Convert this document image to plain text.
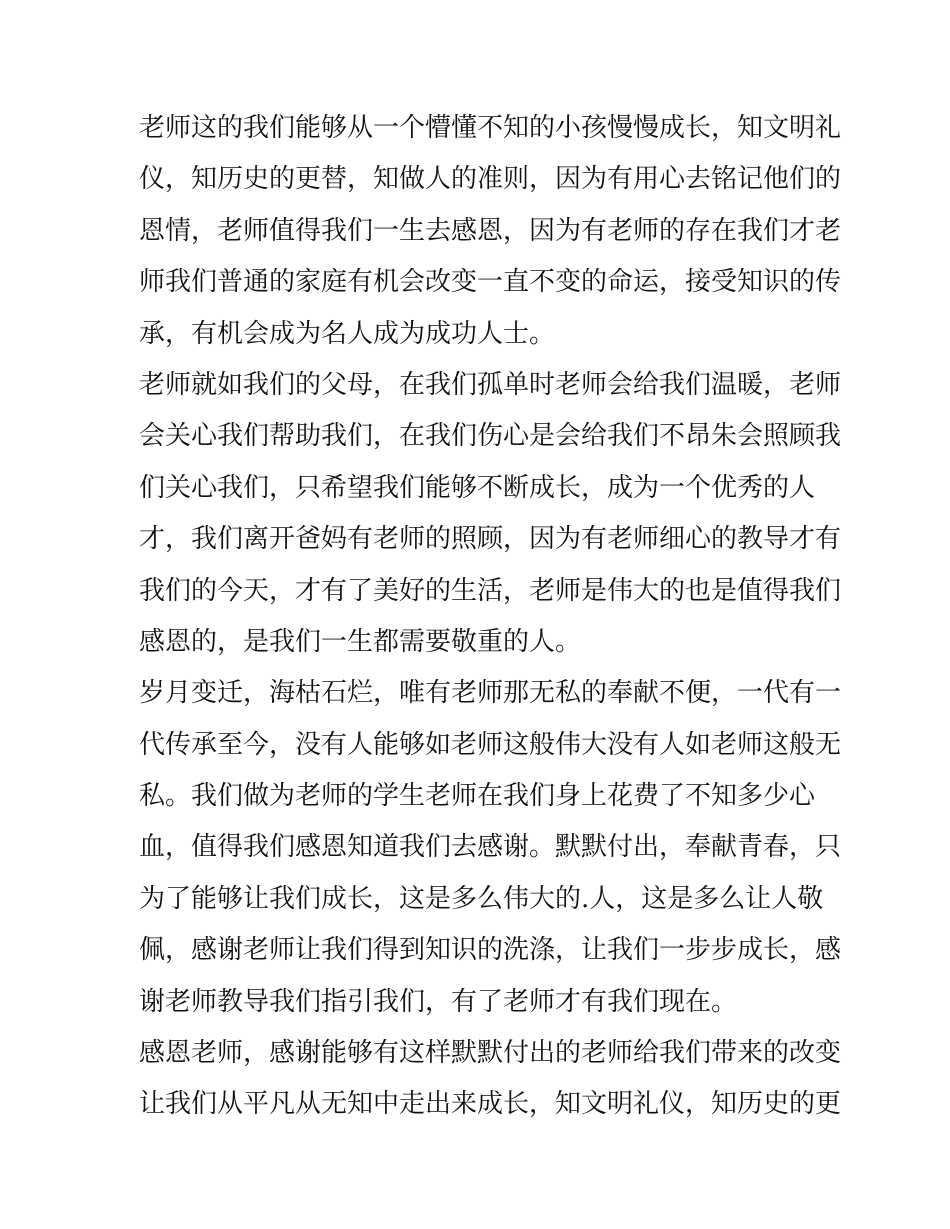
老师这的我们能够从一个懵懂不知的小孩慢慢成长，知文明礼
仪，知历史的更替，知做人的准则，因为有用心去铭记他们的
恩情，老师值得我们一生去感恩，因为有老师的存在我们才老
师我们普通的家庭有机会改变一直不变的命运，接受知识的传
承，有机会成为名人成为成功人士。
老师就如我们的父母，在我们孤单时老师会给我们温暖，老师
会关心我们帮助我们，在我们伤心是会给我们不昂朱会照顾我
们关心我们，只希望我们能够不断成长，成为一个优秀的人
才，我们离开爸妈有老师的照顾，因为有老师细心的教导才有
我们的今天，才有了美好的生活，老师是伟大的也是值得我们
感恩的，是我们一生都需要敬重的人。
岁月变迁，海枯石烂，唯有老师那无私的奉献不便，一代有一
代传承至今，没有人能够如老师这般伟大没有人如老师这般无
私。我们做为老师的学生老师在我们身上花费了不知多少心
血，值得我们感恩知道我们去感谢。默默付出，奉献青春，只
为了能够让我们成长，这是多么伟大的.人，这是多么让人敬
佩，感谢老师让我们得到知识的洗涤，让我们一步步成长，感
谢老师教导我们指引我们，有了老师才有我们现在。
感恩老师，感谢能够有这样默默付出的老师给我们带来的改变
让我们从平凡从无知中走出来成长，知文明礼仪，知历史的更
